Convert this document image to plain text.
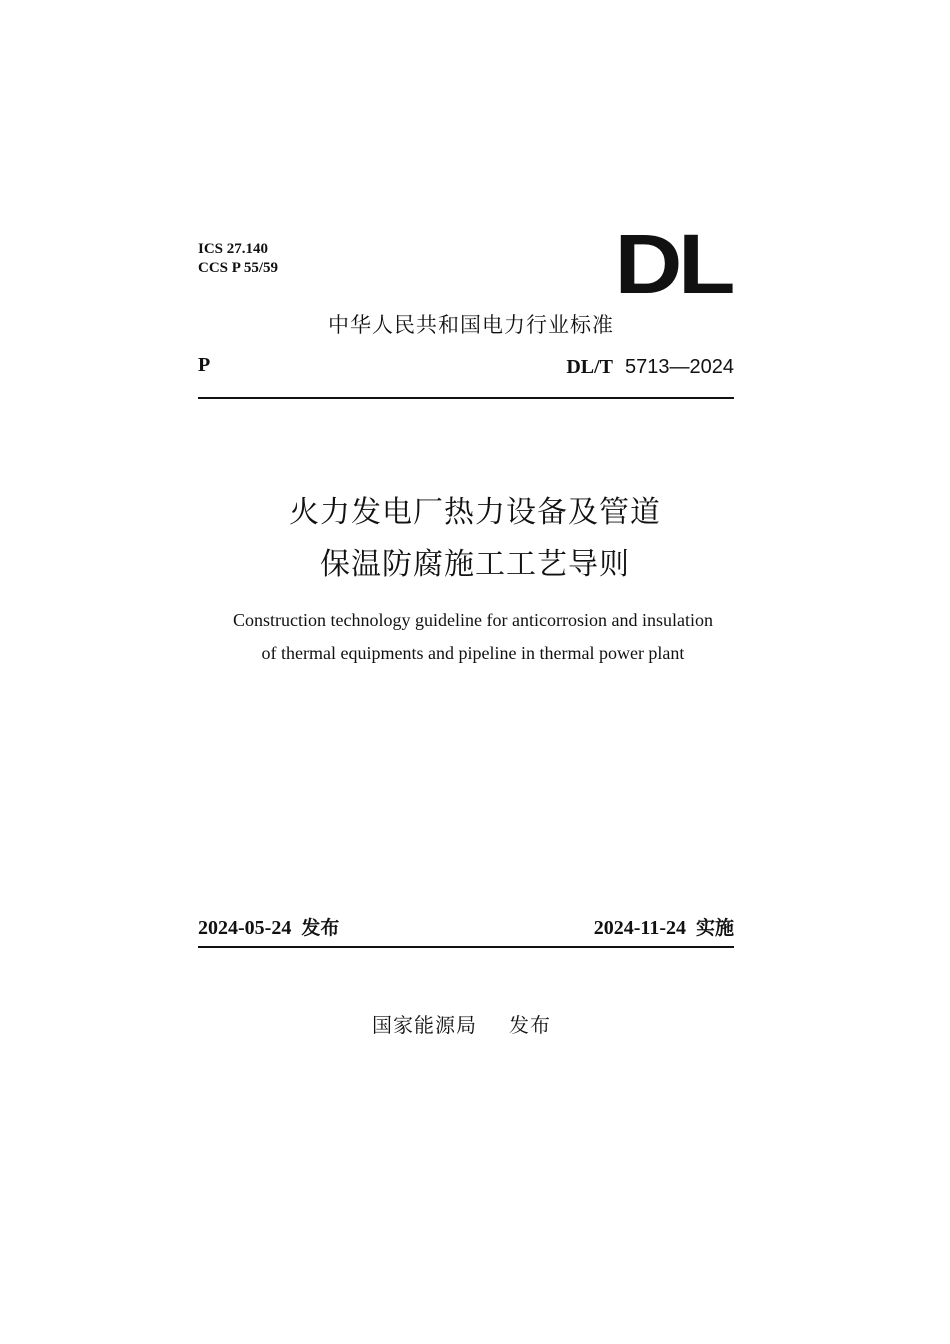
ICS 27.140
CCS P 55/59	DL
中华人民共和国电力行业标准
P	DL/T 5713—2024
火力发电厂热力设备及管道
保温防腐施工工艺导则
Construction technology guideline for anticorrosion and insulation
of thermal equipments and pipeline in thermal power plant
2024-05-24 发布	2024-11-24 实施
国家能源局 发布
